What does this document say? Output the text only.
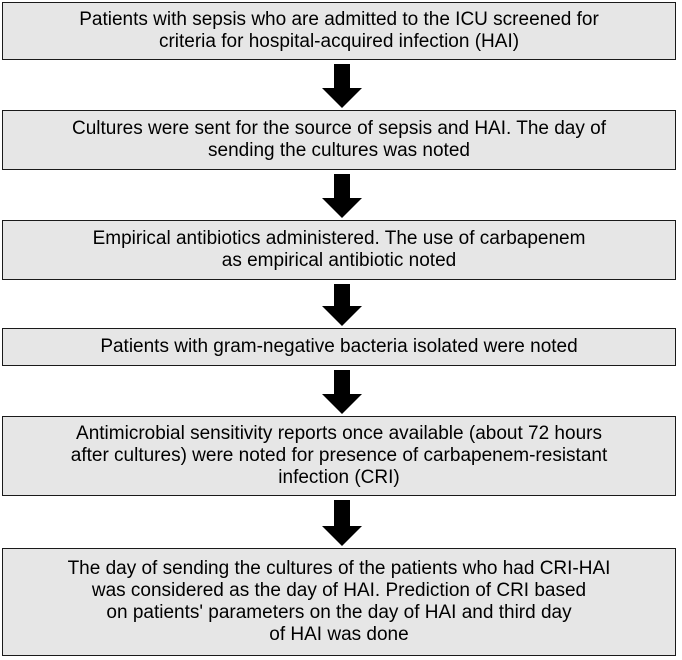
Patients with sepsis who are admitted to the ICU screened for
criteria for hospital-acquired infection (HAI)
Cultures were sent for the source of sepsis and HAI. The day of
sending the cultures was noted
Empirical antibiotics administered. The use of carbapenem
as empirical antibiotic noted
Patients with gram-negative bacteria isolated were noted
Antimicrobial sensitivity reports once available (about 72 hours
after cultures) were noted for presence of carbapenem-resistant
infection (CRI)
The day of sending the cultures of the patients who had CRI-HAI
was considered as the day of HAI. Prediction of CRI based
on patients' parameters on the day of HAI and third day
of HAI was done
